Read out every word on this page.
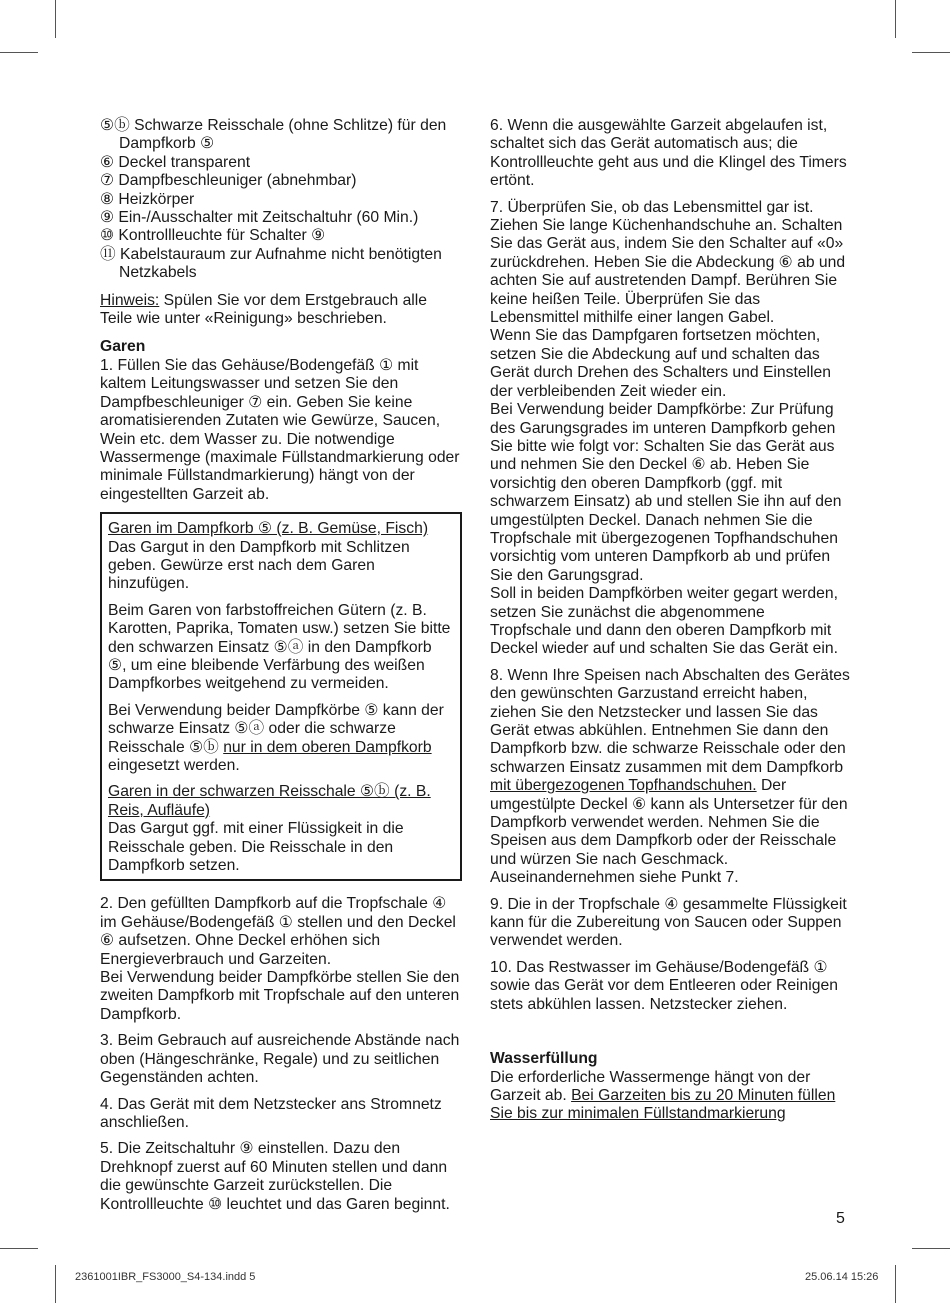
⑤ⓑ Schwarze Reisschale (ohne Schlitze) für den Dampfkorb ⑤
⑥ Deckel transparent
⑦ Dampfbeschleuniger (abnehmbar)
⑧ Heizkörper
⑨ Ein-/Ausschalter mit Zeitschaltuhr (60 Min.)
⑩ Kontrollleuchte für Schalter ⑨
⑪ Kabelstauraum zur Aufnahme nicht benötigten Netzkabels

Hinweis: Spülen Sie vor dem Erstgebrauch alle Teile wie unter «Reinigung» beschrieben.

Garen

1. Füllen Sie das Gehäuse/Bodengefäß ① mit kaltem Leitungswasser und setzen Sie den Dampfbeschleuniger ⑦ ein. Geben Sie keine aromatisierenden Zutaten wie Gewürze, Saucen, Wein etc. dem Wasser zu. Die notwendige Wassermenge (maximale Füllstandmarkierung oder minimale Füllstandmarkierung) hängt von der eingestellten Garzeit ab.

Garen im Dampfkorb ⑤ (z. B. Gemüse, Fisch)

Das Gargut in den Dampfkorb mit Schlitzen geben. Gewürze erst nach dem Garen hinzufügen.

Beim Garen von farbstoffreichen Gütern (z. B. Karotten, Paprika, Tomaten usw.) setzen Sie bitte den schwarzen Einsatz ⑤ⓐ in den Dampfkorb ⑤, um eine bleibende Verfärbung des weißen Dampfkorbes weitgehend zu vermeiden.

Bei Verwendung beider Dampfkörbe ⑤ kann der schwarze Einsatz ⑤ⓐ oder die schwarze Reisschale ⑤ⓑ nur in dem oberen Dampfkorb eingesetzt werden.

Garen in der schwarzen Reisschale ⑤ⓑ (z. B. Reis, Aufläufe)

Das Gargut ggf. mit einer Flüssigkeit in die Reisschale geben. Die Reisschale in den Dampfkorb setzen.

2. Den gefüllten Dampfkorb auf die Tropfschale ④ im Gehäuse/Bodengefäß ① stellen und den Deckel ⑥ aufsetzen. Ohne Deckel erhöhen sich Energieverbrauch und Garzeiten.

Bei Verwendung beider Dampfkörbe stellen Sie den zweiten Dampfkorb mit Tropfschale auf den unteren Dampfkorb.

3. Beim Gebrauch auf ausreichende Abstände nach oben (Hängeschränke, Regale) und zu seitlichen Gegenständen achten.

4. Das Gerät mit dem Netzstecker ans Stromnetz anschließen.

5. Die Zeitschaltuhr ⑨ einstellen. Dazu den Drehknopf zuerst auf 60 Minuten stellen und dann die gewünschte Garzeit zurückstellen. Die Kontrollleuchte ⑩ leuchtet und das Garen beginnt.

6. Wenn die ausgewählte Garzeit abgelaufen ist, schaltet sich das Gerät automatisch aus; die Kontrollleuchte geht aus und die Klingel des Timers ertönt.

7. Überprüfen Sie, ob das Lebensmittel gar ist. Ziehen Sie lange Küchenhandschuhe an. Schalten Sie das Gerät aus, indem Sie den Schalter auf «0» zurückdrehen. Heben Sie die Abdeckung ⑥ ab und achten Sie auf austretenden Dampf. Berühren Sie keine heißen Teile. Überprüfen Sie das Lebensmittel mithilfe einer langen Gabel.

Wenn Sie das Dampfgaren fortsetzen möchten, setzen Sie die Abdeckung auf und schalten das Gerät durch Drehen des Schalters und Einstellen der verbleibenden Zeit wieder ein.

Bei Verwendung beider Dampfkörbe: Zur Prüfung des Garungsgrades im unteren Dampfkorb gehen Sie bitte wie folgt vor: Schalten Sie das Gerät aus und nehmen Sie den Deckel ⑥ ab. Heben Sie vorsichtig den oberen Dampfkorb (ggf. mit schwarzem Einsatz) ab und stellen Sie ihn auf den umgestülpten Deckel. Danach nehmen Sie die Tropfschale mit übergezogenen Topfhandschuhen vorsichtig vom unteren Dampfkorb ab und prüfen Sie den Garungsgrad.

Soll in beiden Dampfkörben weiter gegart werden, setzen Sie zunächst die abgenommene Tropfschale und dann den oberen Dampfkorb mit Deckel wieder auf und schalten Sie das Gerät ein.

8. Wenn Ihre Speisen nach Abschalten des Gerätes den gewünschten Garzustand erreicht haben, ziehen Sie den Netzstecker und lassen Sie das Gerät etwas abkühlen. Entnehmen Sie dann den Dampfkorb bzw. die schwarze Reisschale oder den schwarzen Einsatz zusammen mit dem Dampfkorb mit übergezogenen Topfhandschuhen. Der umgestülpte Deckel ⑥ kann als Untersetzer für den Dampfkorb verwendet werden. Nehmen Sie die Speisen aus dem Dampfkorb oder der Reisschale und würzen Sie nach Geschmack. Auseinandernehmen siehe Punkt 7.

9. Die in der Tropfschale ④ gesammelte Flüssigkeit kann für die Zubereitung von Saucen oder Suppen verwendet werden.

10. Das Restwasser im Gehäuse/Bodengefäß ① sowie das Gerät vor dem Entleeren oder Reinigen stets abkühlen lassen. Netzstecker ziehen.

Wasserfüllung

Die erforderliche Wassermenge hängt von der Garzeit ab. Bei Garzeiten bis zu 20 Minuten füllen Sie bis zur minimalen Füllstandmarkierung

5
2361001IBR_FS3000_S4-134.indd 5	25.06.14 15:26
